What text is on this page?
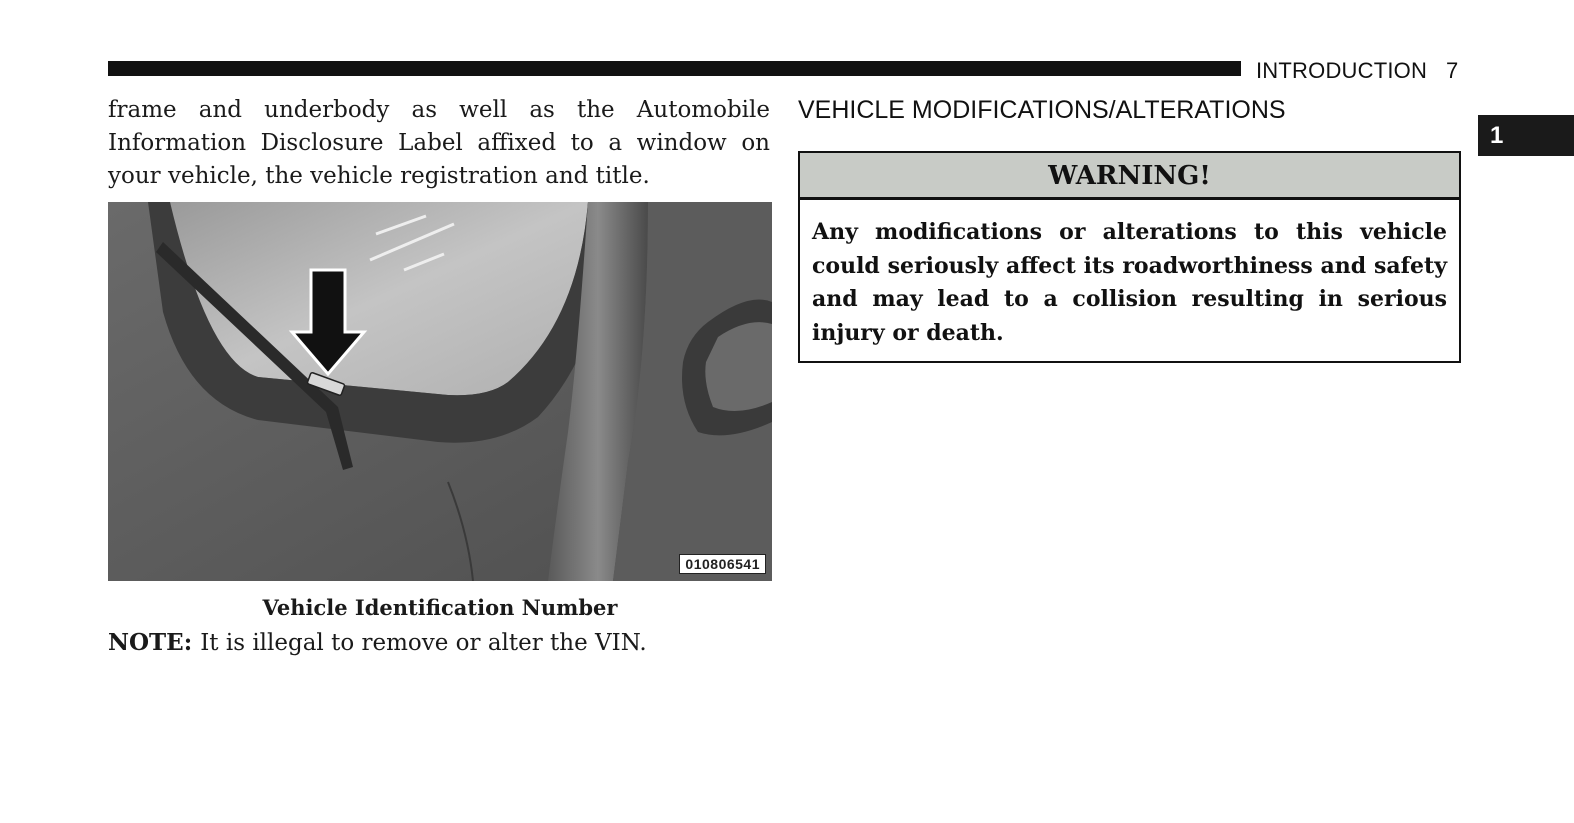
INTRODUCTION 7
1

frame and underbody as well as the Automobile Information Disclosure Label affixed to a window on your vehicle, the vehicle registration and title.

010806541
Vehicle Identification Number
NOTE: It is illegal to remove or alter the VIN.
VEHICLE MODIFICATIONS/ALTERATIONS
WARNING!
Any modifications or alterations to this vehicle could seriously affect its roadworthiness and safety and may lead to a collision resulting in serious injury or death.
